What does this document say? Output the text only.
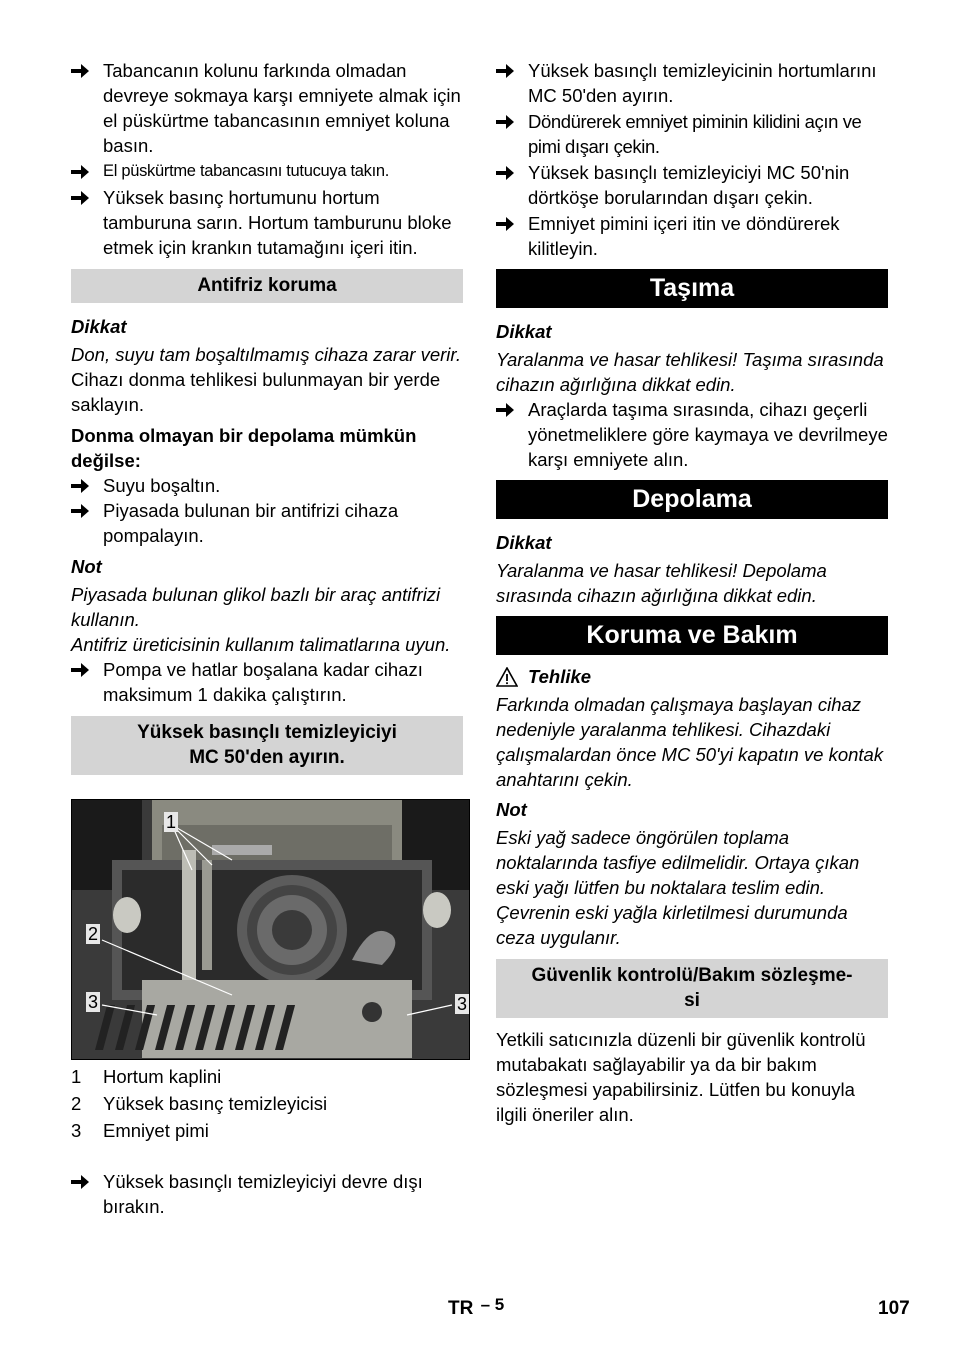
Tabancanın kolunu farkında olmadan devreye sokmaya karşı emniyete almak için el püskürtme tabancasının emniyet koluna basın.

El püskürtme tabancasını tutucuya takın.

Yüksek basınç hortumunu hortum tamburuna sarın. Hortum tamburunu bloke etmek için krankın tutamağını içeri itin.

Antifriz koruma

Dikkat

Don, suyu tam boşaltılmamış cihaza zarar verir.

Cihazı donma tehlikesi bulunmayan bir yerde saklayın.

Donma olmayan bir depolama mümkün değilse:

Suyu boşaltın.

Piyasada bulunan bir antifrizi cihaza pompalayın.

Not

Piyasada bulunan glikol bazlı bir araç antifrizi kullanın.

Antifriz üreticisinin kullanım talimatlarına uyun.

Pompa ve hatlar boşalana kadar cihazı maksimum 1 dakika çalıştırın.

Yüksek basınçlı temizleyiciyi
MC 50'den ayırın.
1
2
3	3
1	Hortum kaplini
2	Yüksek basınç temizleyicisi
3	Emniyet pimi

Yüksek basınçlı temizleyiciyi devre dışı bırakın.

Yüksek basınçlı temizleyicinin hortumlarını MC 50'den ayırın.

Döndürerek emniyet piminin kilidini açın ve pimi dışarı çekin.

Yüksek basınçlı temizleyiciyi MC 50'nin dörtköşe borularından dışarı çekin.

Emniyet pimini içeri itin ve döndürerek kilitleyin.

Taşıma

Dikkat

Yaralanma ve hasar tehlikesi! Taşıma sırasında cihazın ağırlığına dikkat edin.

Araçlarda taşıma sırasında, cihazı geçerli yönetmeliklere göre kaymaya ve devrilmeye karşı emniyete alın.

Depolama

Dikkat

Yaralanma ve hasar tehlikesi! Depolama sırasında cihazın ağırlığına dikkat edin.

Koruma ve Bakım

Tehlike

Farkında olmadan çalışmaya başlayan cihaz nedeniyle yaralanma tehlikesi. Cihazdaki çalışmalardan önce MC 50'yi kapatın ve kontak anahtarını çekin.

Not

Eski yağ sadece öngörülen toplama noktalarında tasfiye edilmelidir. Ortaya çıkan eski yağı lütfen bu noktalara teslim edin. Çevrenin eski yağla kirletilmesi durumunda ceza uygulanır.

Güvenlik kontrolü/Bakım sözleşme-
si

Yetkili satıcınızla düzenli bir güvenlik kontrolü mutabakatı sağlayabilir ya da bir bakım sözleşmesi yapabilirsiniz. Lütfen bu konuyla ilgili öneriler alın.

TR – 5	107
